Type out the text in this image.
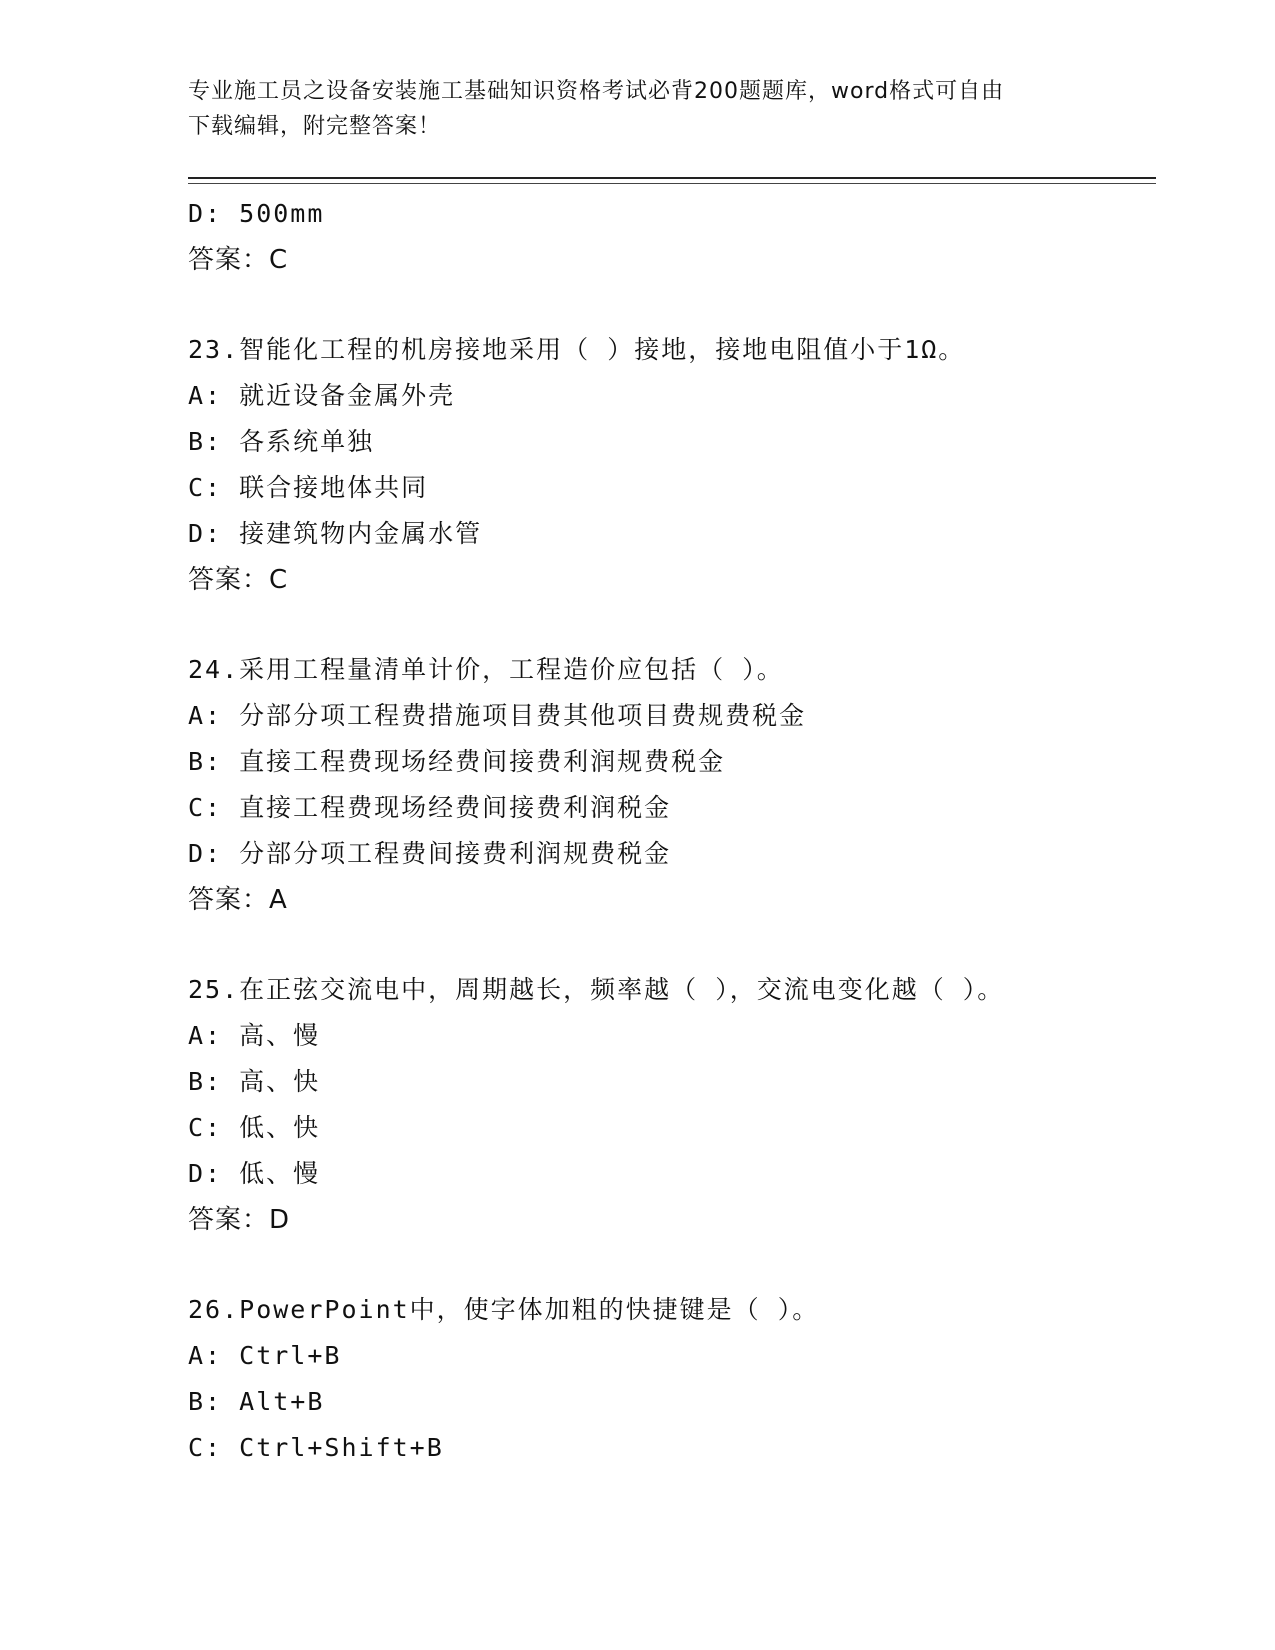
专业施工员之设备安装施工基础知识资格考试必背200题题库，word格式可自由
下载编辑，附完整答案！
D: 500mm
答案：C
23.智能化工程的机房接地采用（ ）接地，接地电阻值小于1Ω。
A: 就近设备金属外壳
B: 各系统单独
C: 联合接地体共同
D: 接建筑物内金属水管
答案：C
24.采用工程量清单计价，工程造价应包括（ ）。
A: 分部分项工程费措施项目费其他项目费规费税金
B: 直接工程费现场经费间接费利润规费税金
C: 直接工程费现场经费间接费利润税金
D: 分部分项工程费间接费利润规费税金
答案：A
25.在正弦交流电中，周期越长，频率越（ ），交流电变化越（ ）。
A: 高、慢
B: 高、快
C: 低、快
D: 低、慢
答案：D
26.PowerPoint中，使字体加粗的快捷键是（ ）。
A: Ctrl+B
B: Alt+B
C: Ctrl+Shift+B
